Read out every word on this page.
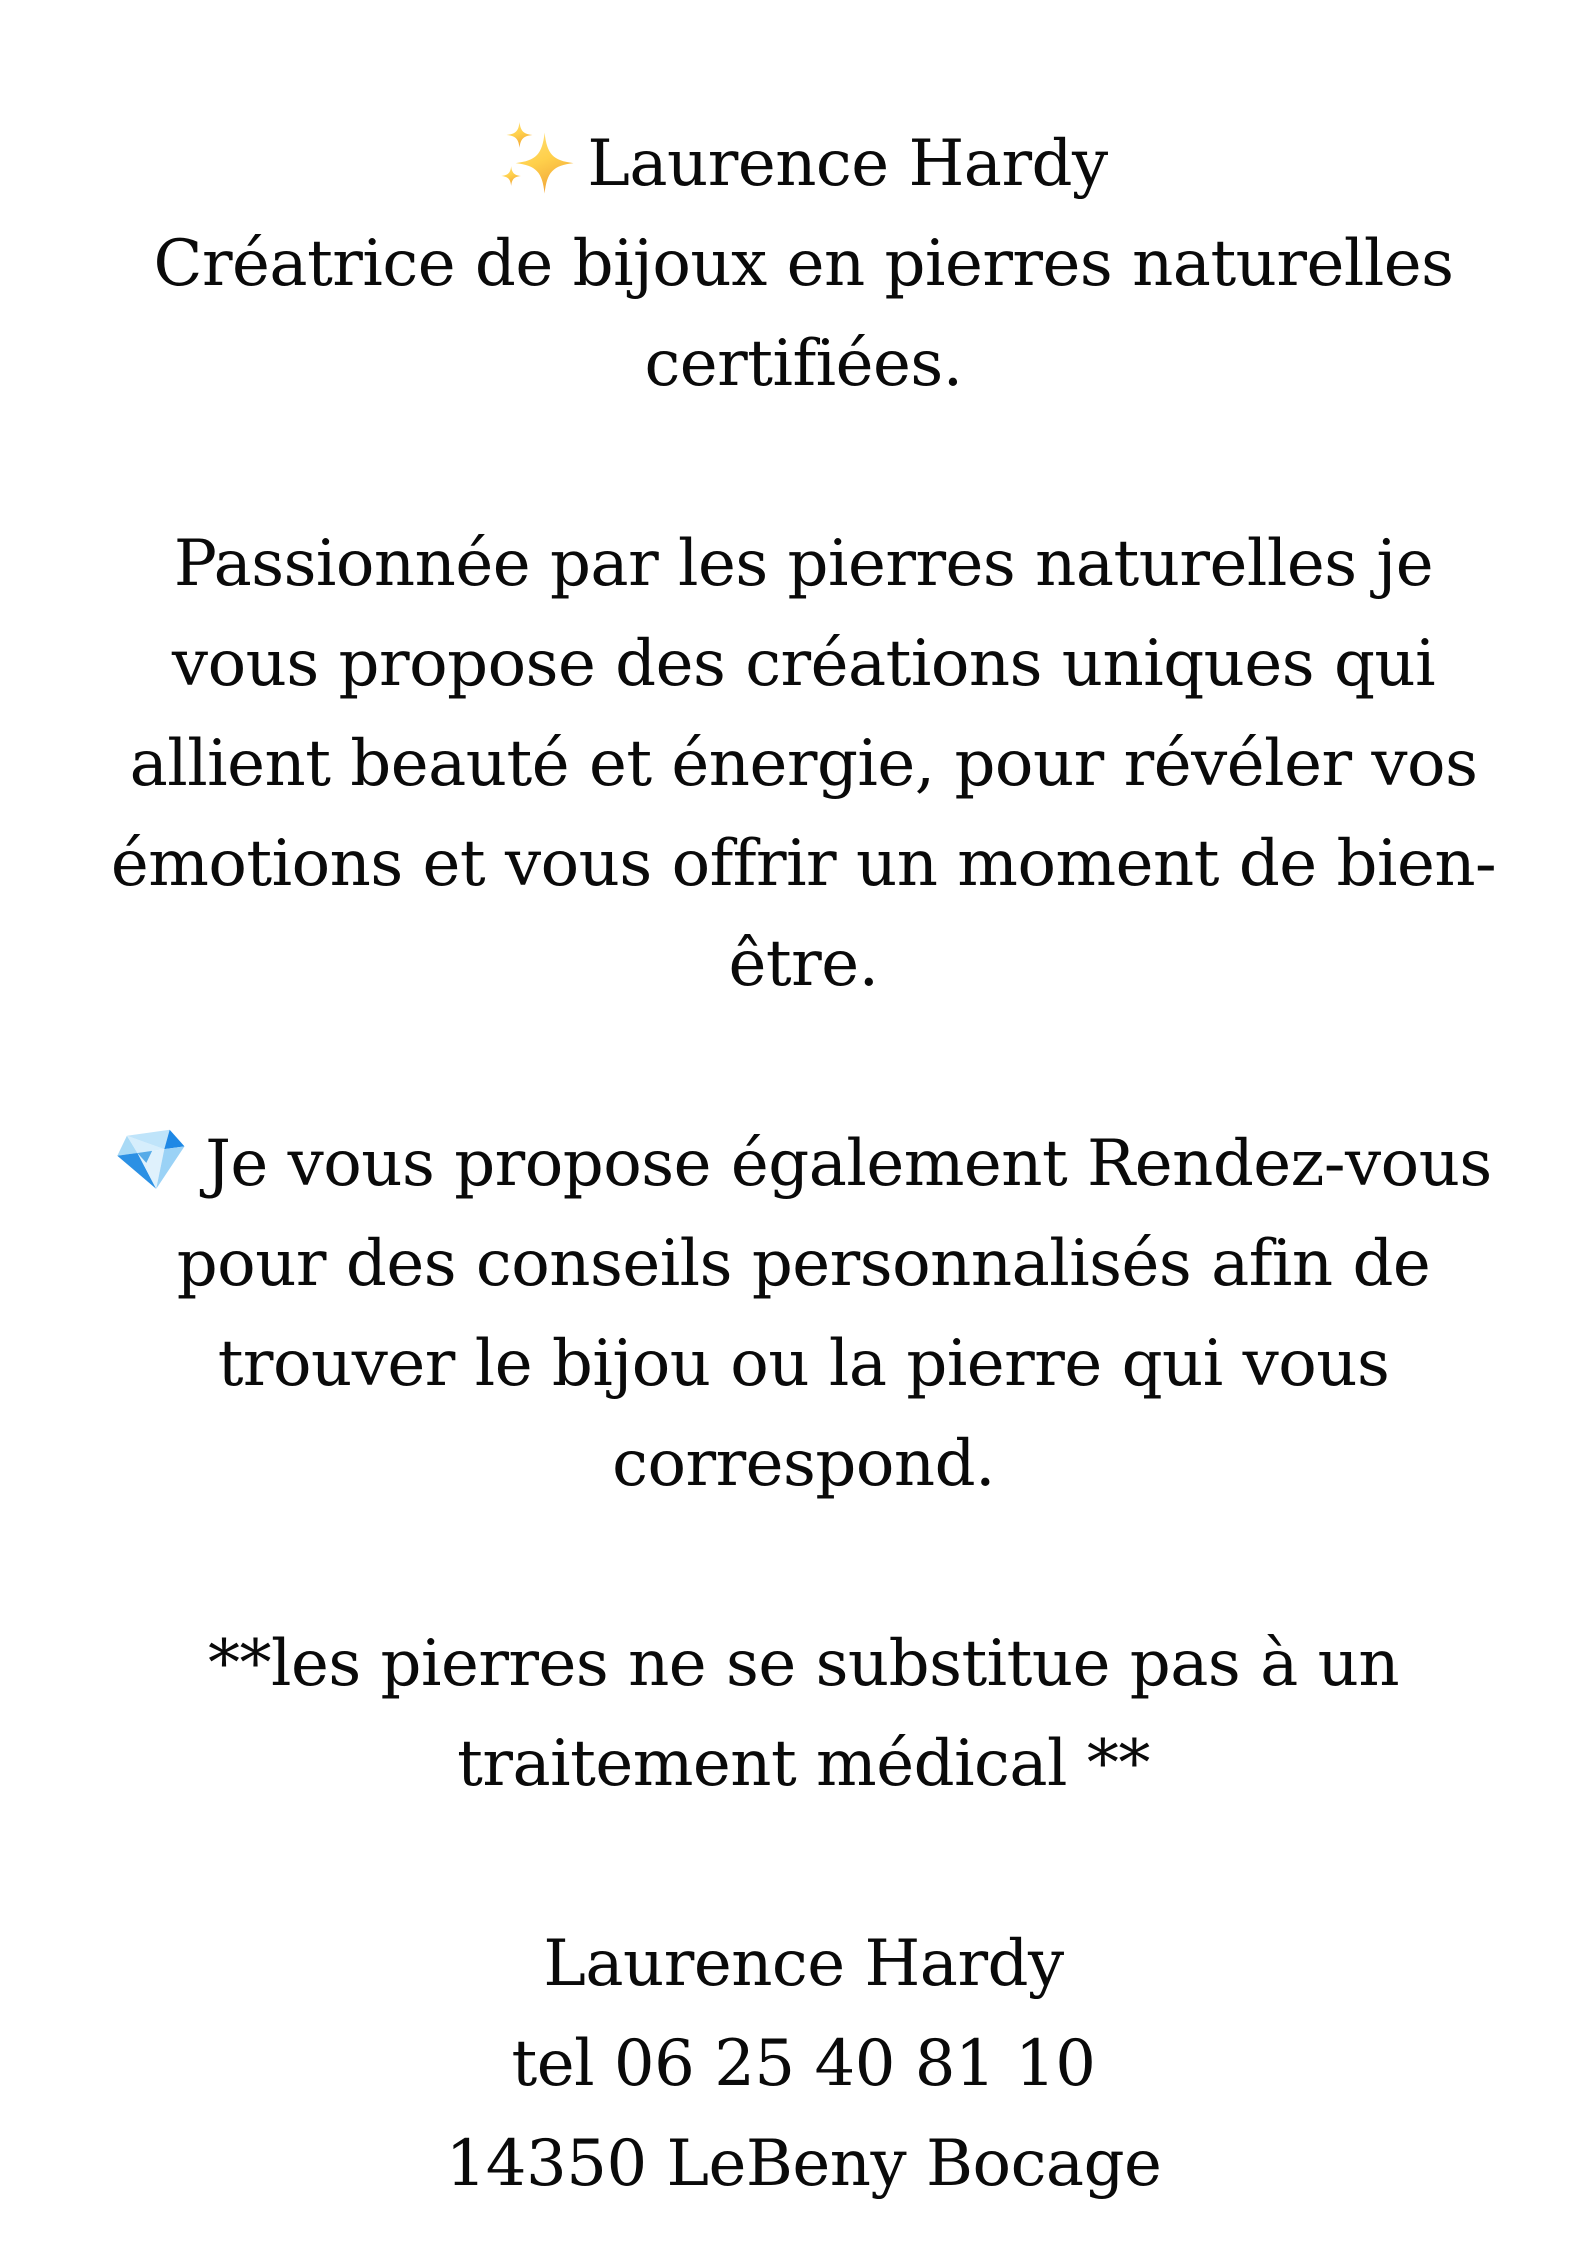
Laurence Hardy
Créatrice de bijoux en pierres naturelles
certifiées.
Passionnée par les pierres naturelles je
vous propose des créations uniques qui
allient beauté et énergie, pour révéler vos
émotions et vous offrir un moment de bien-
être.
Je vous propose également Rendez-vous
pour des conseils personnalisés afin de
trouver le bijou ou la pierre qui vous
correspond.
**les pierres ne se substitue pas à un
traitement médical **
Laurence Hardy
tel 06 25 40 81 10
14350 LeBeny Bocage
